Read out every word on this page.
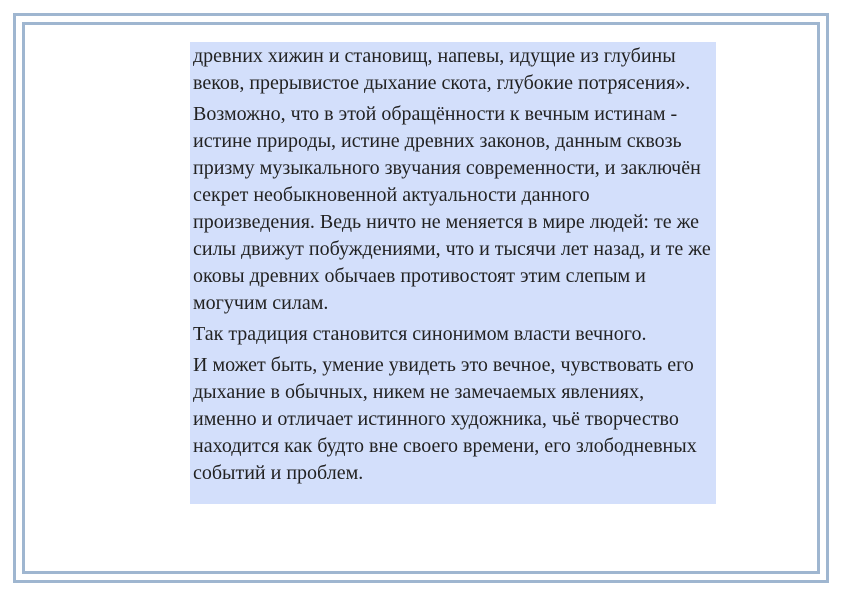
древних хижин и становищ, напевы, идущие из глубины веков, прерывистое дыхание скота, глубокие потрясения».

Возможно, что в этой обращённости к вечным истинам - истине природы, истине древних законов, данным сквозь призму музыкального звучания современности, и заключён секрет необыкновенной актуальности данного произведения. Ведь ничто не меняется в мире людей: те же силы движут побуждениями, что и тысячи лет назад, и те же оковы древних обычаев противостоят этим слепым и могучим силам.

Так традиция становится синонимом власти вечного.

И может быть, умение увидеть это вечное, чувствовать его дыхание в обычных, никем не замечаемых явлениях, именно и отличает истинного художника, чьё творчество находится как будто вне своего времени, его злободневных событий и проблем.
